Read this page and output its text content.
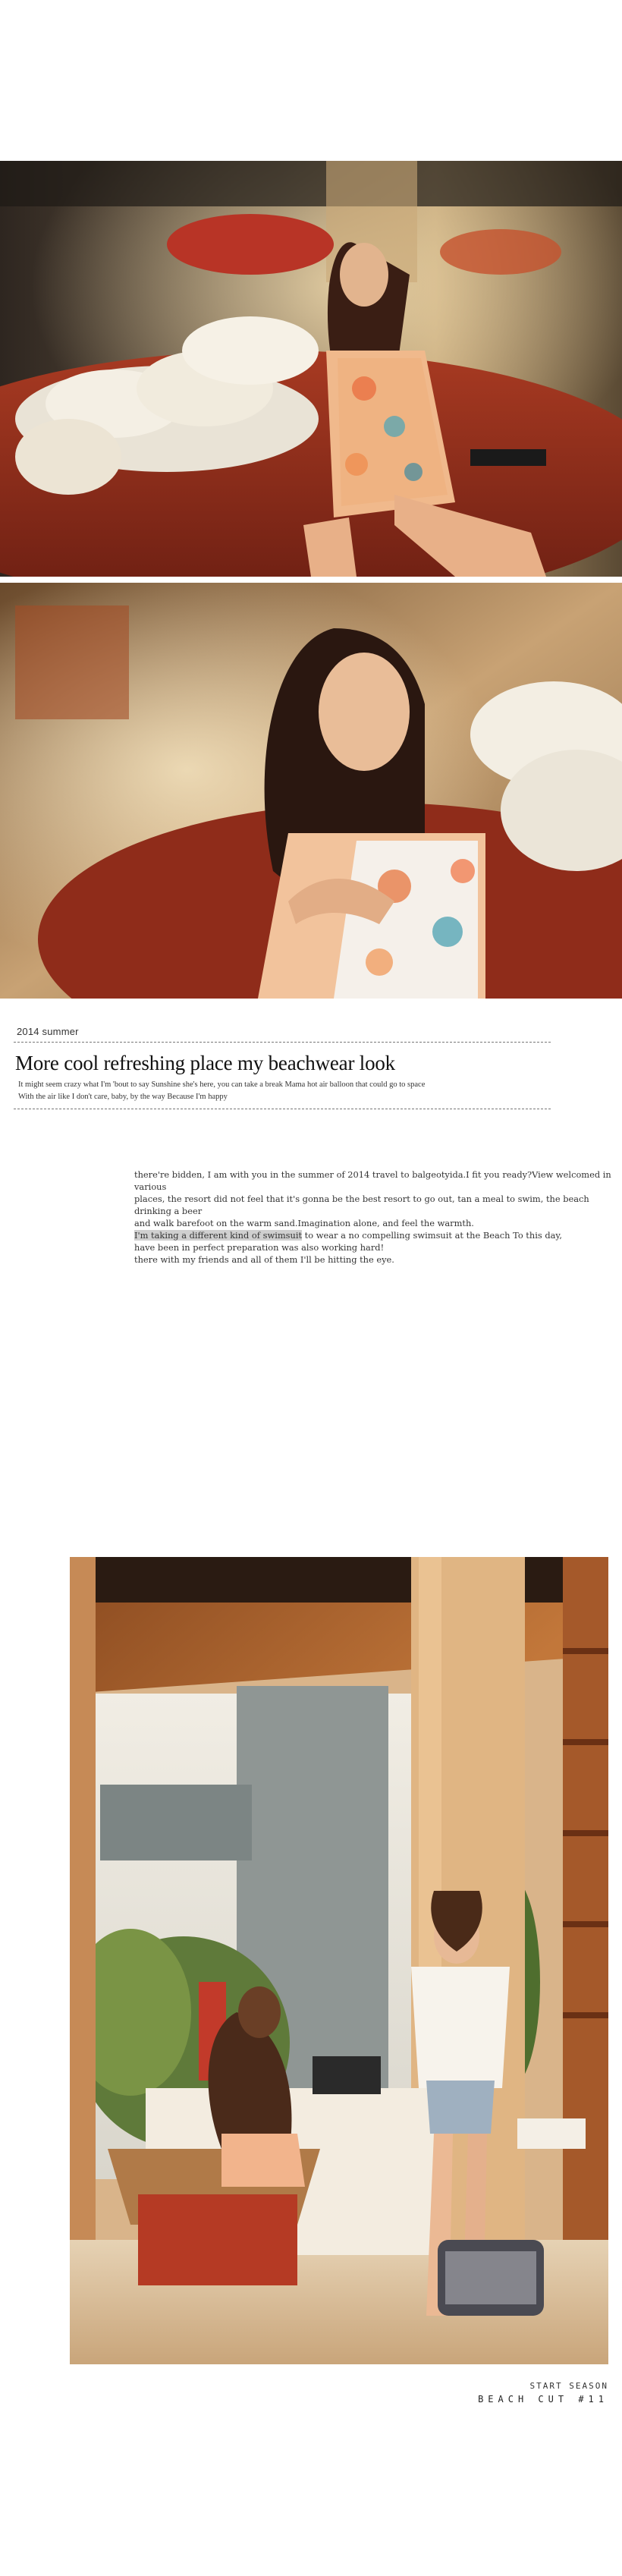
2014 summer
More cool refreshing place my beachwear look
It might seem crazy what I'm 'bout to say Sunshine she's here, you can take a break Mama hot air balloon that could go to space
With the air like I don't care, baby, by the way Because I'm happy

there're bidden, I am with you in the summer of 2014 travel to balgeotyida.I fit you ready?View welcomed in various

places, the resort did not feel that it's gonna be the best resort to go out, tan a meal to swim, the beach drinking a beer

and walk barefoot on the warm sand.Imagination alone, and feel the warmth.

I'm taking a different kind of swimsuit to wear a no compelling swimsuit at the Beach To this day,

have been in perfect preparation was also working hard!

there with my friends and all of them I'll be hitting the eye.

START SEASON
BEACH CUT #11
